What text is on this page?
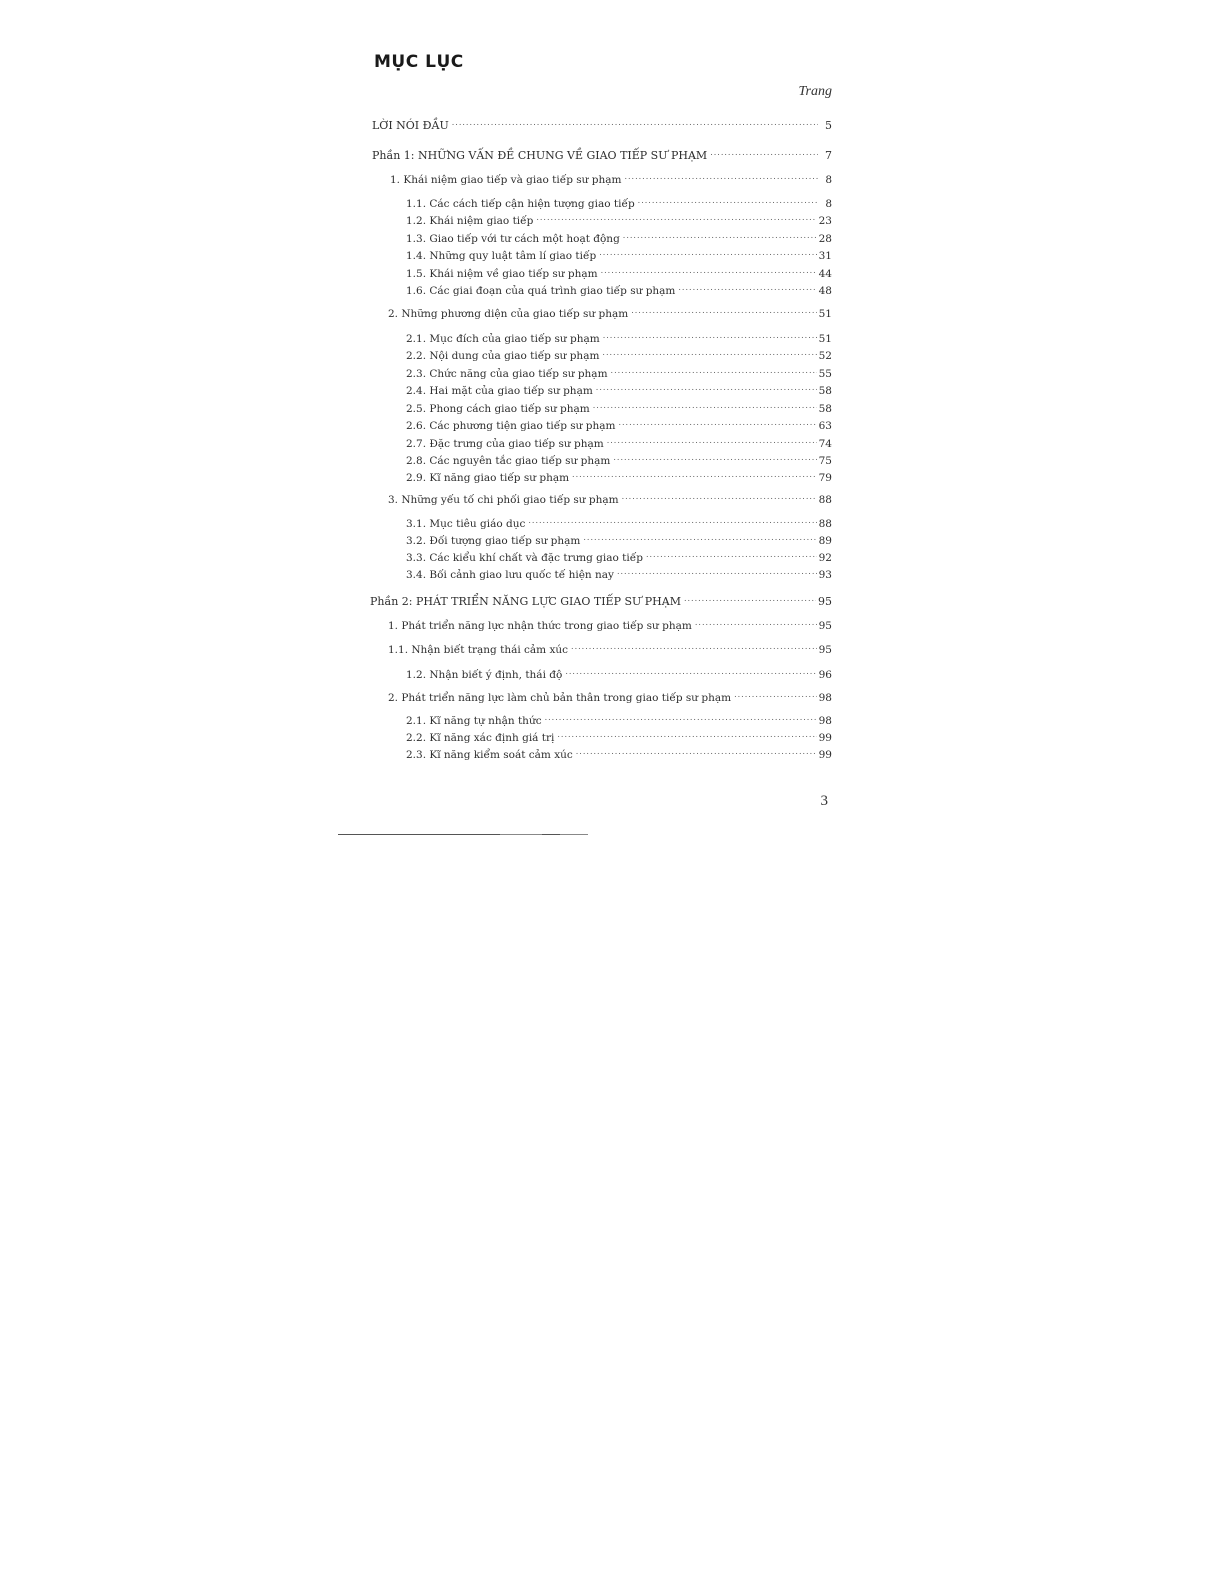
MỤC LỤC
Trang
LỜI NÓI ĐẦU .....	5
Phần 1: NHỮNG VẤN ĐỀ CHUNG VỀ GIAO TIẾP SƯ PHẠM .....	7
1. Khái niệm giao tiếp và giao tiếp sư phạm .....	8
1.1. Các cách tiếp cận hiện tượng giao tiếp .....	8
1.2. Khái niệm giao tiếp .....	23
1.3. Giao tiếp với tư cách một hoạt động .....	28
1.4. Những quy luật tâm lí giao tiếp .....	31
1.5. Khái niệm về giao tiếp sư phạm .....	44
1.6. Các giai đoạn của quá trình giao tiếp sư phạm .....	48
2. Những phương diện của giao tiếp sư phạm .....	51
2.1. Mục đích của giao tiếp sư phạm .....	51
2.2. Nội dung của giao tiếp sư phạm .....	52
2.3. Chức năng của giao tiếp sư phạm .....	55
2.4. Hai mặt của giao tiếp sư phạm .....	58
2.5. Phong cách giao tiếp sư phạm .....	58
2.6. Các phương tiện giao tiếp sư phạm .....	63
2.7. Đặc trưng của giao tiếp sư phạm .....	74
2.8. Các nguyên tắc giao tiếp sư phạm .....	75
2.9. Kĩ năng giao tiếp sư phạm .....	79
3. Những yếu tố chi phối giao tiếp sư phạm .....	88
3.1. Mục tiêu giáo dục .....	88
3.2. Đối tượng giao tiếp sư phạm .....	89
3.3. Các kiểu khí chất và đặc trưng giao tiếp .....	92
3.4. Bối cảnh giao lưu quốc tế hiện nay .....	93
Phần 2: PHÁT TRIỂN NĂNG LỰC GIAO TIẾP SƯ PHẠM .....	95
1. Phát triển năng lực nhận thức trong giao tiếp sư phạm .....	95
1.1. Nhận biết trạng thái cảm xúc .....	95
1.2. Nhận biết ý định, thái độ .....	96
2. Phát triển năng lực làm chủ bản thân trong giao tiếp sư phạm .....	98
2.1. Kĩ năng tự nhận thức .....	98
2.2. Kĩ năng xác định giá trị .....	99
2.3. Kĩ năng kiểm soát cảm xúc .....	99
3
